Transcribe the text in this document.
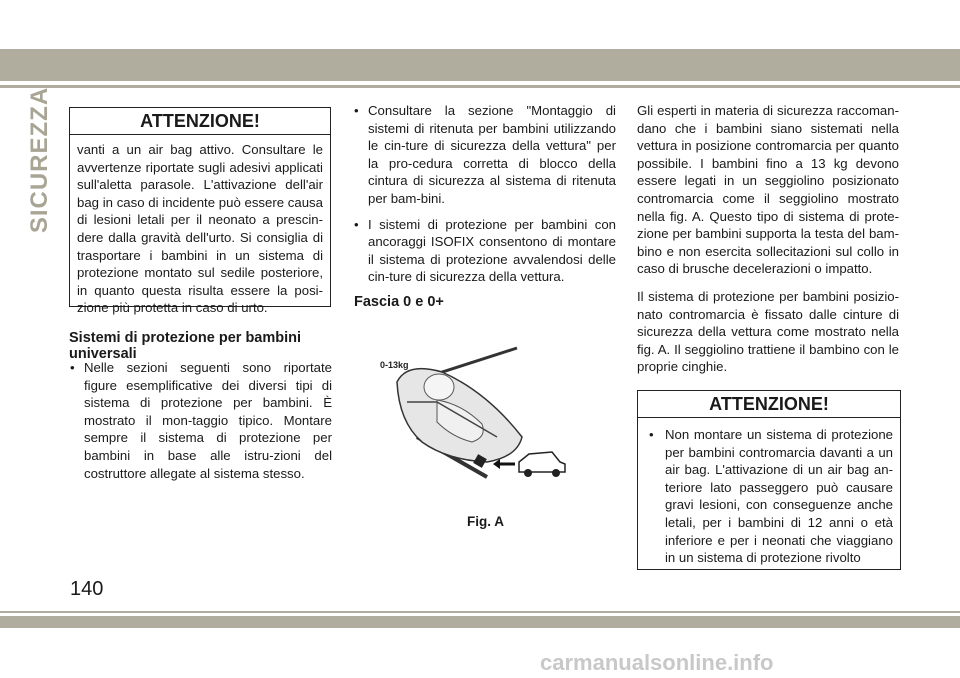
SICUREZZA	ATTENZIONE!
vanti a un air bag attivo. Consultare le avvertenze riportate sugli adesivi applicati sull'aletta parasole. L'attivazione dell'air bag in caso di incidente può essere causa di lesioni letali per il neonato a prescin-dere dalla gravità dell'urto. Si consiglia di trasportare i bambini in un sistema di protezione montato sul sedile posteriore, in quanto questa risulta essere la posi-zione più protetta in caso di urto.
Sistemi di protezione per bambini universali
• Nelle sezioni seguenti sono riportate figure esemplificative dei diversi tipi di sistema di protezione per bambini. È mostrato il mon-taggio tipico. Montare sempre il sistema di protezione per bambini in base alle istru-zioni del costruttore allegate al sistema stesso.
• Consultare la sezione "Montaggio di sistemi di ritenuta per bambini utilizzando le cin-ture di sicurezza della vettura" per la pro-cedura corretta di blocco della cintura di sicurezza al sistema di ritenuta per bam-bini.
• I sistemi di protezione per bambini con ancoraggi ISOFIX consentono di montare il sistema di protezione avvalendosi delle cin-ture di sicurezza della vettura.
Fascia 0 e 0+
0-13kg
Fig. A

Gli esperti in materia di sicurezza raccoman-dano che i bambini siano sistemati nella vettura in posizione contromarcia per quanto possibile. I bambini fino a 13 kg devono essere legati in un seggiolino posizionato contromarcia come il seggiolino mostrato nella fig. A. Questo tipo di sistema di prote-zione per bambini supporta la testa del bam-bino e non esercita sollecitazioni sul collo in caso di brusche decelerazioni o impatto.

Il sistema di protezione per bambini posizio-nato contromarcia è fissato dalle cinture di sicurezza della vettura come mostrato nella fig. A. Il seggiolino trattiene il bambino con le proprie cinghie.

ATTENZIONE!
• Non montare un sistema di protezione per bambini contromarcia davanti a un air bag. L'attivazione di un air bag an-teriore lato passeggero può causare gravi lesioni, con conseguenze anche letali, per i bambini di 12 anni o età inferiore e per i neonati che viaggiano in un sistema di protezione rivolto
140
carmanualsonline.info
